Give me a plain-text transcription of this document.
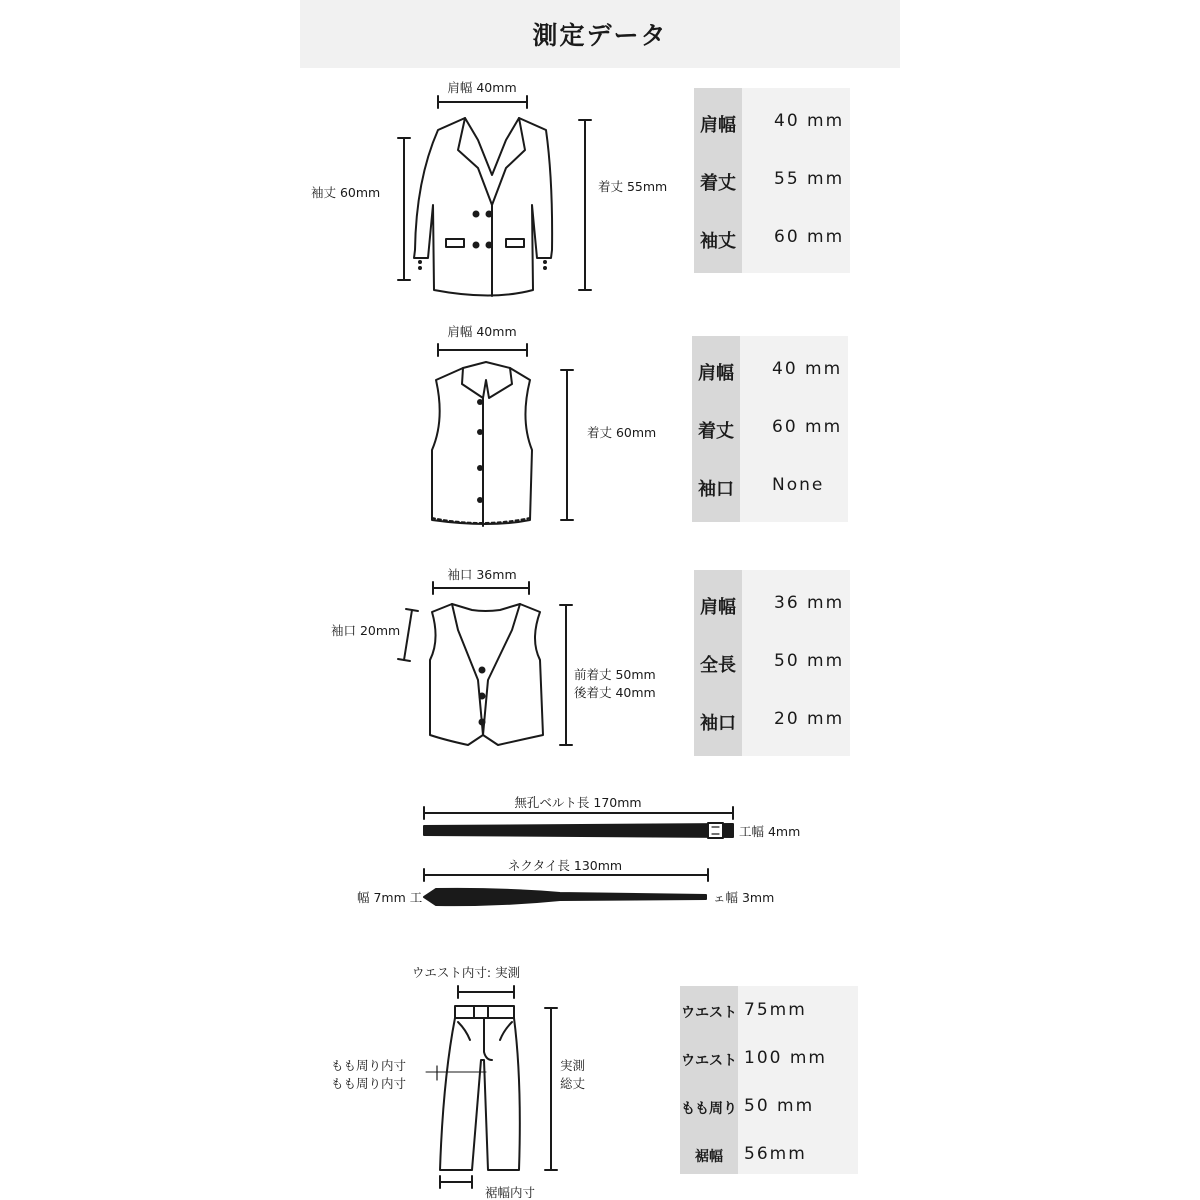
測定データ
肩幅 40mm
袖丈 60mm	着丈 55mm
肩幅	40 mm
着丈	55 mm
袖丈	60 mm
肩幅 40mm
着丈 60mm
肩幅	40 mm
着丈	60 mm
袖口	None
袖口 36mm
袖口 20mm
前着丈 50mm
後着丈 40mm
肩幅	36 mm
全長	50 mm
袖口	20 mm
無孔ベルト長 170mm
工幅 4mm
ネクタイ長 130mm
幅 7mm 工	ェ幅 3mm
ウエスト内寸: 実測
もも周り内寸
もも周り内寸
実測
総丈
裾幅内寸
ウエスト 75mm
ウエスト 100 mm
もも周り 50 mm
裾幅	56mm
